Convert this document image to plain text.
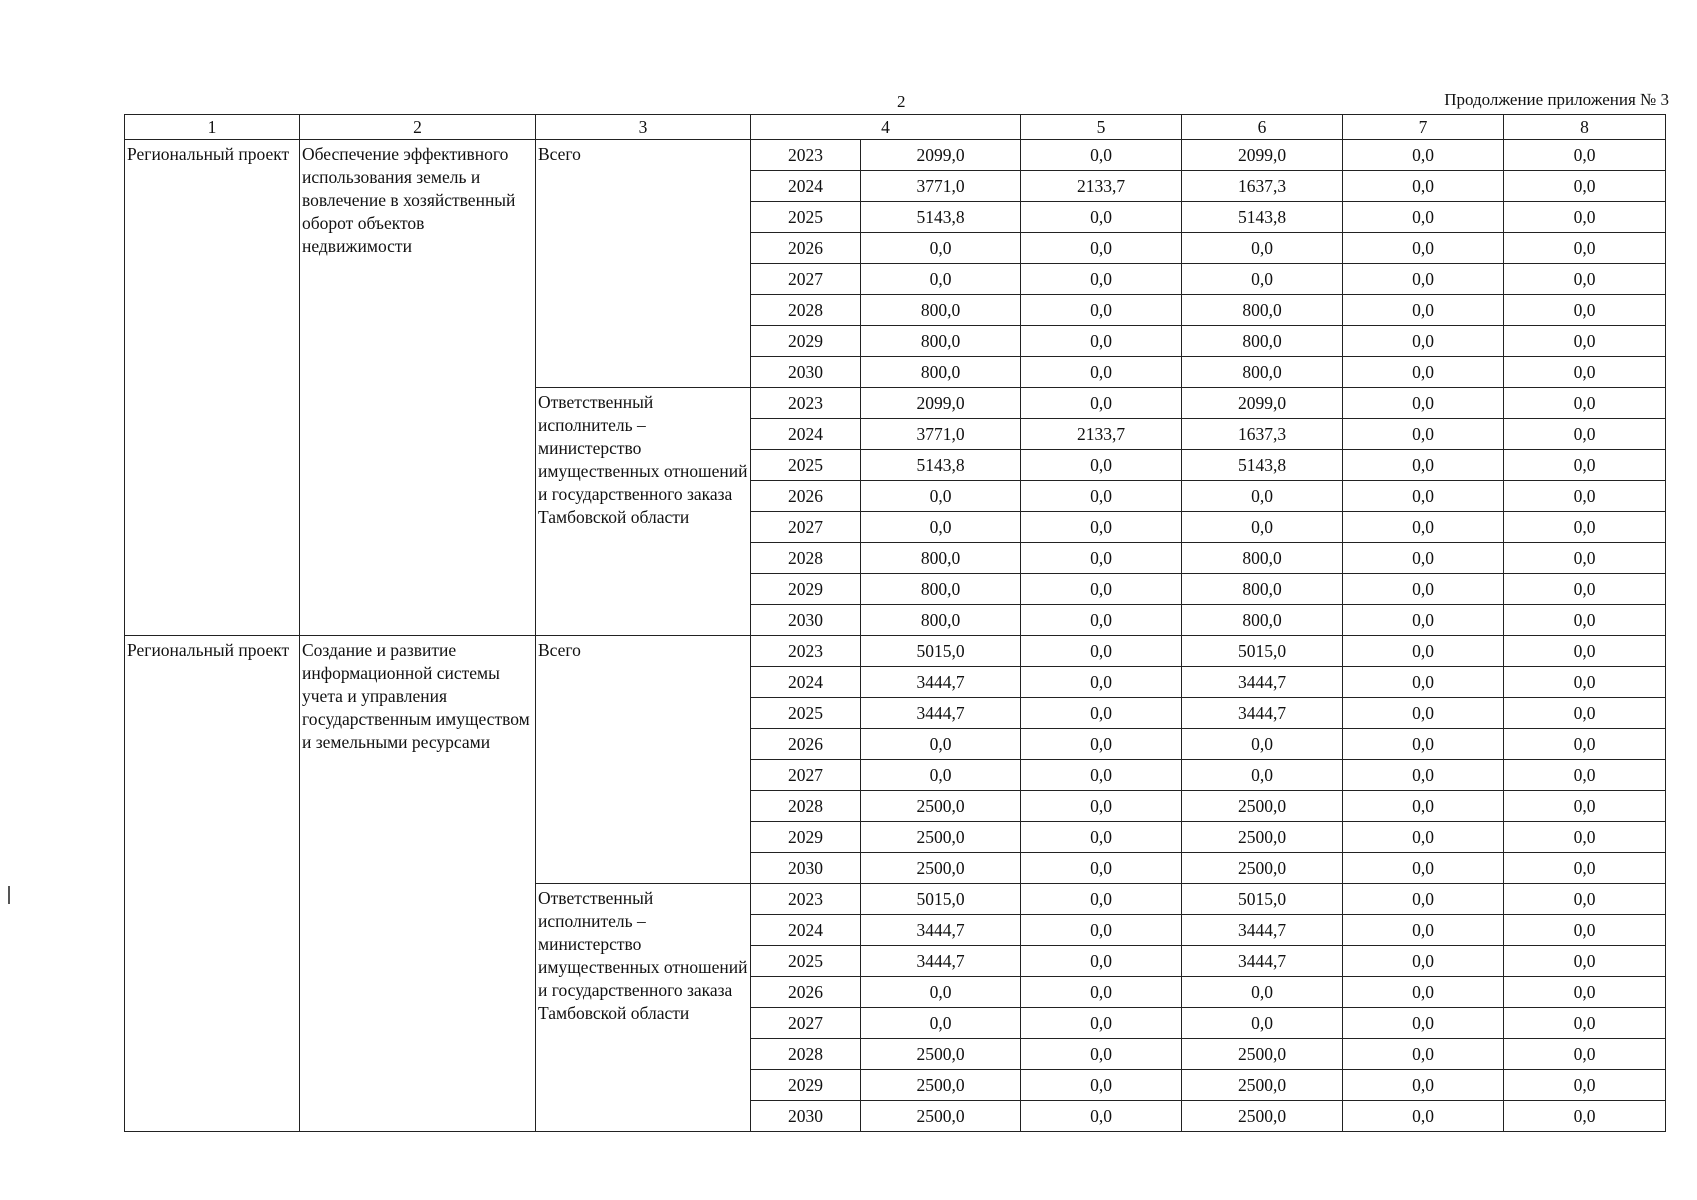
2	Продолжение приложения № 3
1	2	3	4		5	6	7	8
Региональный проект	Обеспечение эффективного использования земель и вовлечение в хозяйственный оборот объектов недвижимости	Всего	2023	2099,0	0,0	2099,0	0,0	0,0
			2024	3771,0	2133,7	1637,3	0,0	0,0
			2025	5143,8	0,0	5143,8	0,0	0,0
			2026	0,0	0,0	0,0	0,0	0,0
			2027	0,0	0,0	0,0	0,0	0,0
			2028	800,0	0,0	800,0	0,0	0,0
			2029	800,0	0,0	800,0	0,0	0,0
			2030	800,0	0,0	800,0	0,0	0,0
		Ответственный исполнитель – министерство имущественных отношений и государственного заказа Тамбовской области	2023	2099,0	0,0	2099,0	0,0	0,0
			2024	3771,0	2133,7	1637,3	0,0	0,0
			2025	5143,8	0,0	5143,8	0,0	0,0
			2026	0,0	0,0	0,0	0,0	0,0
			2027	0,0	0,0	0,0	0,0	0,0
			2028	800,0	0,0	800,0	0,0	0,0
			2029	800,0	0,0	800,0	0,0	0,0
			2030	800,0	0,0	800,0	0,0	0,0
Региональный проект	Создание и развитие информационной системы учета и управления государственным имуществом и земельными ресурсами	Всего	2023	5015,0	0,0	5015,0	0,0	0,0
			2024	3444,7	0,0	3444,7	0,0	0,0
			2025	3444,7	0,0	3444,7	0,0	0,0
			2026	0,0	0,0	0,0	0,0	0,0
			2027	0,0	0,0	0,0	0,0	0,0
			2028	2500,0	0,0	2500,0	0,0	0,0
			2029	2500,0	0,0	2500,0	0,0	0,0
			2030	2500,0	0,0	2500,0	0,0	0,0
		Ответственный исполнитель – министерство имущественных отношений и государственного заказа Тамбовской области	2023	5015,0	0,0	5015,0	0,0	0,0
			2024	3444,7	0,0	3444,7	0,0	0,0
			2025	3444,7	0,0	3444,7	0,0	0,0
			2026	0,0	0,0	0,0	0,0	0,0
			2027	0,0	0,0	0,0	0,0	0,0
			2028	2500,0	0,0	2500,0	0,0	0,0
			2029	2500,0	0,0	2500,0	0,0	0,0
			2030	2500,0	0,0	2500,0	0,0	0,0
